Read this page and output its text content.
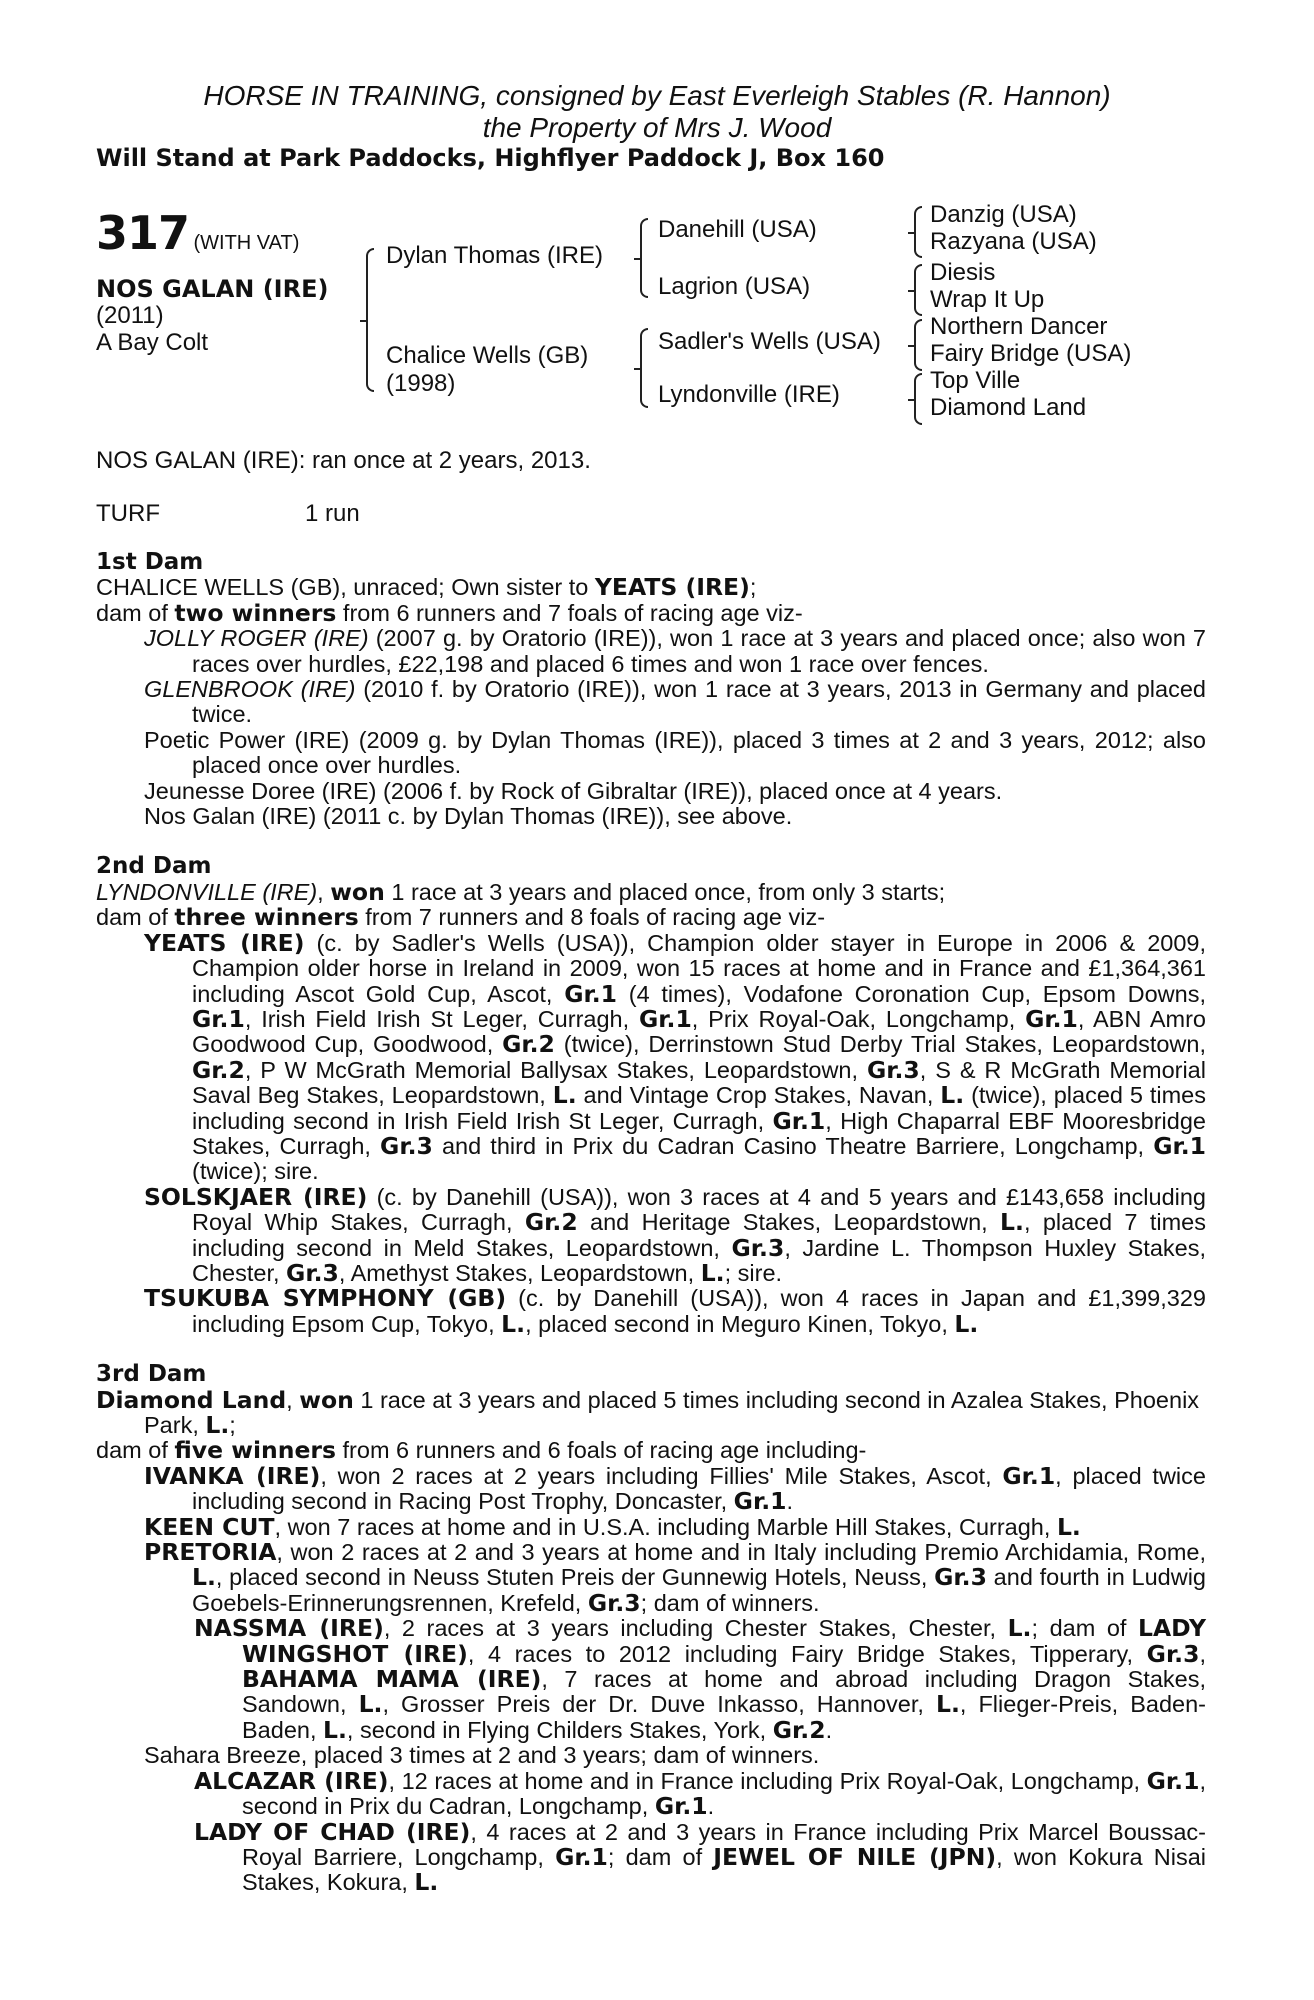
HORSE IN TRAINING, consigned by East Everleigh Stables (R. Hannon)
the Property of Mrs J. Wood
Will Stand at Park Paddocks, Highflyer Paddock J, Box 160
317 (WITH VAT)
NOS GALAN (IRE)
(2011)
A Bay Colt
Dylan Thomas (IRE)
Chalice Wells (GB)
(1998)
Danehill (USA)
Lagrion (USA)
Sadler's Wells (USA)
Lyndonville (IRE)
Danzig (USA)
Razyana (USA)
Diesis
Wrap It Up
Northern Dancer
Fairy Bridge (USA)
Top Ville
Diamond Land
NOS GALAN (IRE): ran once at 2 years, 2013.
TURF	1 run

1st Dam

CHALICE WELLS (GB), unraced; Own sister to YEATS (IRE);

dam of two winners from 6 runners and 7 foals of racing age viz-

JOLLY ROGER (IRE) (2007 g. by Oratorio (IRE)), won 1 race at 3 years and placed once; also won 7 races over hurdles, £22,198 and placed 6 times and won 1 race over fences.

GLENBROOK (IRE) (2010 f. by Oratorio (IRE)), won 1 race at 3 years, 2013 in Germany and placed twice.

Poetic Power (IRE) (2009 g. by Dylan Thomas (IRE)), placed 3 times at 2 and 3 years, 2012; also placed once over hurdles.

Jeunesse Doree (IRE) (2006 f. by Rock of Gibraltar (IRE)), placed once at 4 years.

Nos Galan (IRE) (2011 c. by Dylan Thomas (IRE)), see above.

2nd Dam

LYNDONVILLE (IRE), won 1 race at 3 years and placed once, from only 3 starts;

dam of three winners from 7 runners and 8 foals of racing age viz-

YEATS (IRE) (c. by Sadler's Wells (USA)), Champion older stayer in Europe in 2006 & 2009, Champion older horse in Ireland in 2009, won 15 races at home and in France and £1,364,361 including Ascot Gold Cup, Ascot, Gr.1 (4 times), Vodafone Coronation Cup, Epsom Downs, Gr.1, Irish Field Irish St Leger, Curragh, Gr.1, Prix Royal-Oak, Longchamp, Gr.1, ABN Amro Goodwood Cup, Goodwood, Gr.2 (twice), Derrinstown Stud Derby Trial Stakes, Leopardstown, Gr.2, P W McGrath Memorial Ballysax Stakes, Leopardstown, Gr.3, S & R McGrath Memorial Saval Beg Stakes, Leopardstown, L. and Vintage Crop Stakes, Navan, L. (twice), placed 5 times including second in Irish Field Irish St Leger, Curragh, Gr.1, High Chaparral EBF Mooresbridge Stakes, Curragh, Gr.3 and third in Prix du Cadran Casino Theatre Barriere, Longchamp, Gr.1 (twice); sire.

SOLSKJAER (IRE) (c. by Danehill (USA)), won 3 races at 4 and 5 years and £143,658 including Royal Whip Stakes, Curragh, Gr.2 and Heritage Stakes, Leopardstown, L., placed 7 times including second in Meld Stakes, Leopardstown, Gr.3, Jardine L. Thompson Huxley Stakes, Chester, Gr.3, Amethyst Stakes, Leopardstown, L.; sire.

TSUKUBA SYMPHONY (GB) (c. by Danehill (USA)), won 4 races in Japan and £1,399,329 including Epsom Cup, Tokyo, L., placed second in Meguro Kinen, Tokyo, L.

3rd Dam

Diamond Land, won 1 race at 3 years and placed 5 times including second in Azalea Stakes, Phoenix Park, L.;

dam of five winners from 6 runners and 6 foals of racing age including-

IVANKA (IRE), won 2 races at 2 years including Fillies' Mile Stakes, Ascot, Gr.1, placed twice including second in Racing Post Trophy, Doncaster, Gr.1.

KEEN CUT, won 7 races at home and in U.S.A. including Marble Hill Stakes, Curragh, L.

PRETORIA, won 2 races at 2 and 3 years at home and in Italy including Premio Archidamia, Rome, L., placed second in Neuss Stuten Preis der Gunnewig Hotels, Neuss, Gr.3 and fourth in Ludwig Goebels-Erinnerungsrennen, Krefeld, Gr.3; dam of winners.

NASSMA (IRE), 2 races at 3 years including Chester Stakes, Chester, L.; dam of LADY WINGSHOT (IRE), 4 races to 2012 including Fairy Bridge Stakes, Tipperary, Gr.3, BAHAMA MAMA (IRE), 7 races at home and abroad including Dragon Stakes, Sandown, L., Grosser Preis der Dr. Duve Inkasso, Hannover, L., Flieger-Preis, Baden-Baden, L., second in Flying Childers Stakes, York, Gr.2.

Sahara Breeze, placed 3 times at 2 and 3 years; dam of winners.

ALCAZAR (IRE), 12 races at home and in France including Prix Royal-Oak, Longchamp, Gr.1, second in Prix du Cadran, Longchamp, Gr.1.

LADY OF CHAD (IRE), 4 races at 2 and 3 years in France including Prix Marcel Boussac-Royal Barriere, Longchamp, Gr.1; dam of JEWEL OF NILE (JPN), won Kokura Nisai Stakes, Kokura, L.
